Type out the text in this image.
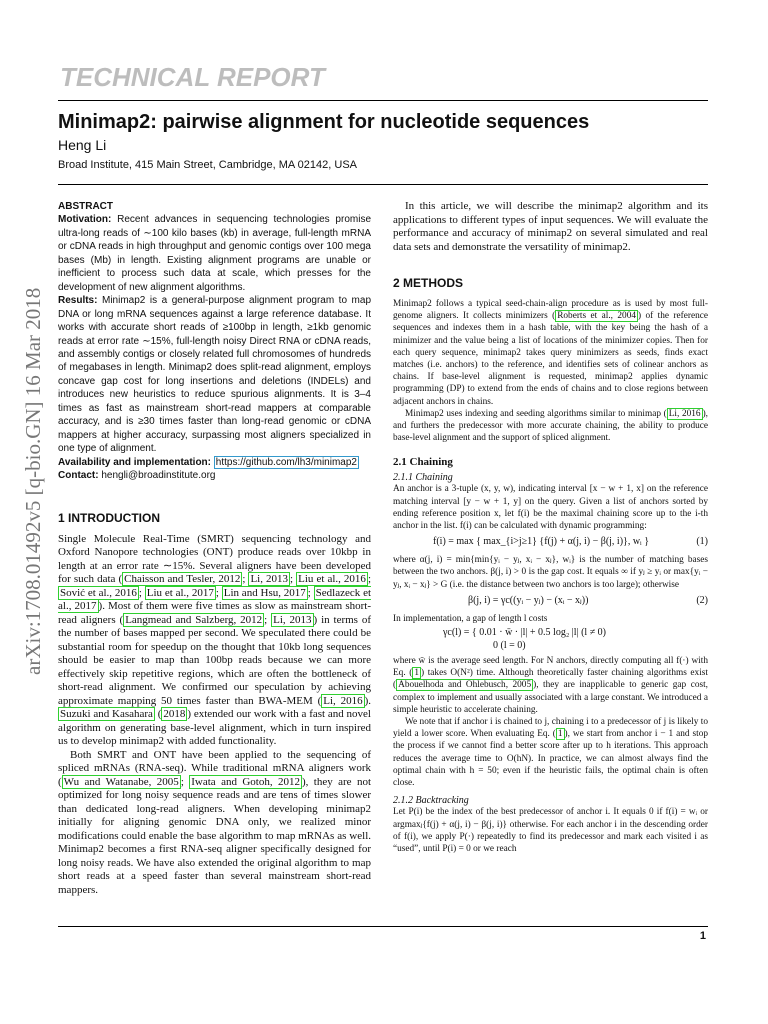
TECHNICAL REPORT
Minimap2: pairwise alignment for nucleotide sequences
Heng Li
Broad Institute, 415 Main Street, Cambridge, MA 02142, USA
arXiv:1708.01492v5 [q-bio.GN] 16 Mar 2018

ABSTRACT

Motivation: Recent advances in sequencing technologies promise ultra-long reads of ∼100 kilo bases (kb) in average, full-length mRNA or cDNA reads in high throughput and genomic contigs over 100 mega bases (Mb) in length. Existing alignment programs are unable or inefficient to process such data at scale, which presses for the development of new alignment algorithms.

Results: Minimap2 is a general-purpose alignment program to map DNA or long mRNA sequences against a large reference database. It works with accurate short reads of ≥100bp in length, ≥1kb genomic reads at error rate ∼15%, full-length noisy Direct RNA or cDNA reads, and assembly contigs or closely related full chromosomes of hundreds of megabases in length. Minimap2 does split-read alignment, employs concave gap cost for long insertions and deletions (INDELs) and introduces new heuristics to reduce spurious alignments. It is 3–4 times as fast as mainstream short-read mappers at comparable accuracy, and is ≥30 times faster than long-read genomic or cDNA mappers at higher accuracy, surpassing most aligners specialized in one type of alignment.

Availability and implementation: https://github.com/lh3/minimap2

Contact: hengli@broadinstitute.org

1 INTRODUCTION

Single Molecule Real-Time (SMRT) sequencing technology and Oxford Nanopore technologies (ONT) produce reads over 10kbp in length at an error rate ∼15%. Several aligners have been developed for such data ( Chaisson and Tesler, 2012 ; Li, 2013 ; Liu et al., 2016 ; Sović et al., 2016 ; Liu et al., 2017 ; Lin and Hsu, 2017 ; Sedlazeck et al., 2017 ). Most of them were five times as slow as mainstream short-read aligners ( Langmead and Salzberg, 2012 ; Li, 2013 ) in terms of the number of bases mapped per second. We speculated there could be substantial room for speedup on the thought that 10kb long sequences should be easier to map than 100bp reads because we can more effectively skip repetitive regions, which are often the bottleneck of short-read alignment. We confirmed our speculation by achieving approximate mapping 50 times faster than BWA-MEM ( Li, 2016 ). Suzuki and Kasahara ( 2018 ) extended our work with a fast and novel algorithm on generating base-level alignment, which in turn inspired us to develop minimap2 with added functionality.

Both SMRT and ONT have been applied to the sequencing of spliced mRNAs (RNA-seq). While traditional mRNA aligners work ( Wu and Watanabe, 2005 ; Iwata and Gotoh, 2012 ), they are not optimized for long noisy sequence reads and are tens of times slower than dedicated long-read aligners. When developing minimap2 initially for aligning genomic DNA only, we realized minor modifications could enable the base algorithm to map mRNAs as well. Minimap2 becomes a first RNA-seq aligner specifically designed for long noisy reads. We have also extended the original algorithm to map short reads at a speed faster than several mainstream short-read mappers.

In this article, we will describe the minimap2 algorithm and its applications to different types of input sequences. We will evaluate the performance and accuracy of minimap2 on several simulated and real data sets and demonstrate the versatility of minimap2.

2 METHODS

Minimap2 follows a typical seed-chain-align procedure as is used by most full-genome aligners. It collects minimizers ( Roberts et al., 2004 ) of the reference sequences and indexes them in a hash table, with the key being the hash of a minimizer and the value being a list of locations of the minimizer copies. Then for each query sequence, minimap2 takes query minimizers as seeds, finds exact matches (i.e. anchors) to the reference, and identifies sets of colinear anchors as chains. If base-level alignment is requested, minimap2 applies dynamic programming (DP) to extend from the ends of chains and to close regions between adjacent anchors in chains.

Minimap2 uses indexing and seeding algorithms similar to minimap ( Li, 2016 ), and furthers the predecessor with more accurate chaining, the ability to produce base-level alignment and the support of spliced alignment.

2.1 Chaining

2.1.1 Chaining

An anchor is a 3-tuple (x, y, w), indicating interval [x − w + 1, x] on the reference matching interval [y − w + 1, y] on the query. Given a list of anchors sorted by ending reference position x, let f(i) be the maximal chaining score up to the i-th anchor in the list. f(i) can be calculated with dynamic programming:

f(i) = max { max_{i>j≥1} {f(j) + α(j, i) − β(j, i)}, wᵢ }	(1)

where α(j, i) = min{min{yᵢ − yⱼ, xᵢ − xⱼ}, wᵢ} is the number of matching bases between the two anchors. β(j, i) > 0 is the gap cost. It equals ∞ if yⱼ ≥ yᵢ or max{yᵢ − yⱼ, xᵢ − xⱼ} > G (i.e. the distance between two anchors is too large); otherwise

β(j, i) = γc((yᵢ − yⱼ) − (xᵢ − xⱼ))	(2)

In implementation, a gap of length l costs

γc(l) = { 0.01 · w̄ · |l| + 0.5 log₂ |l| (l ≠ 0)
0 (l = 0)

where w̄ is the average seed length. For N anchors, directly computing all f(·) with Eq. ( 1 ) takes O(N²) time. Although theoretically faster chaining algorithms exist ( Abouelhoda and Ohlebusch, 2005 ), they are inapplicable to generic gap cost, complex to implement and usually associated with a large constant. We introduced a simple heuristic to accelerate chaining.

We note that if anchor i is chained to j, chaining i to a predecessor of j is likely to yield a lower score. When evaluating Eq. ( 1 ), we start from anchor i − 1 and stop the process if we cannot find a better score after up to h iterations. This approach reduces the average time to O(hN). In practice, we can almost always find the optimal chain with h = 50; even if the heuristic fails, the optimal chain is often close.

2.1.2 Backtracking

Let P(i) be the index of the best predecessor of anchor i. It equals 0 if f(i) = wᵢ or argmaxⱼ{f(j) + α(j, i) − β(j, i)} otherwise. For each anchor i in the descending order of f(i), we apply P(·) repeatedly to find its predecessor and mark each visited i as “used”, until P(i) = 0 or we reach

1
